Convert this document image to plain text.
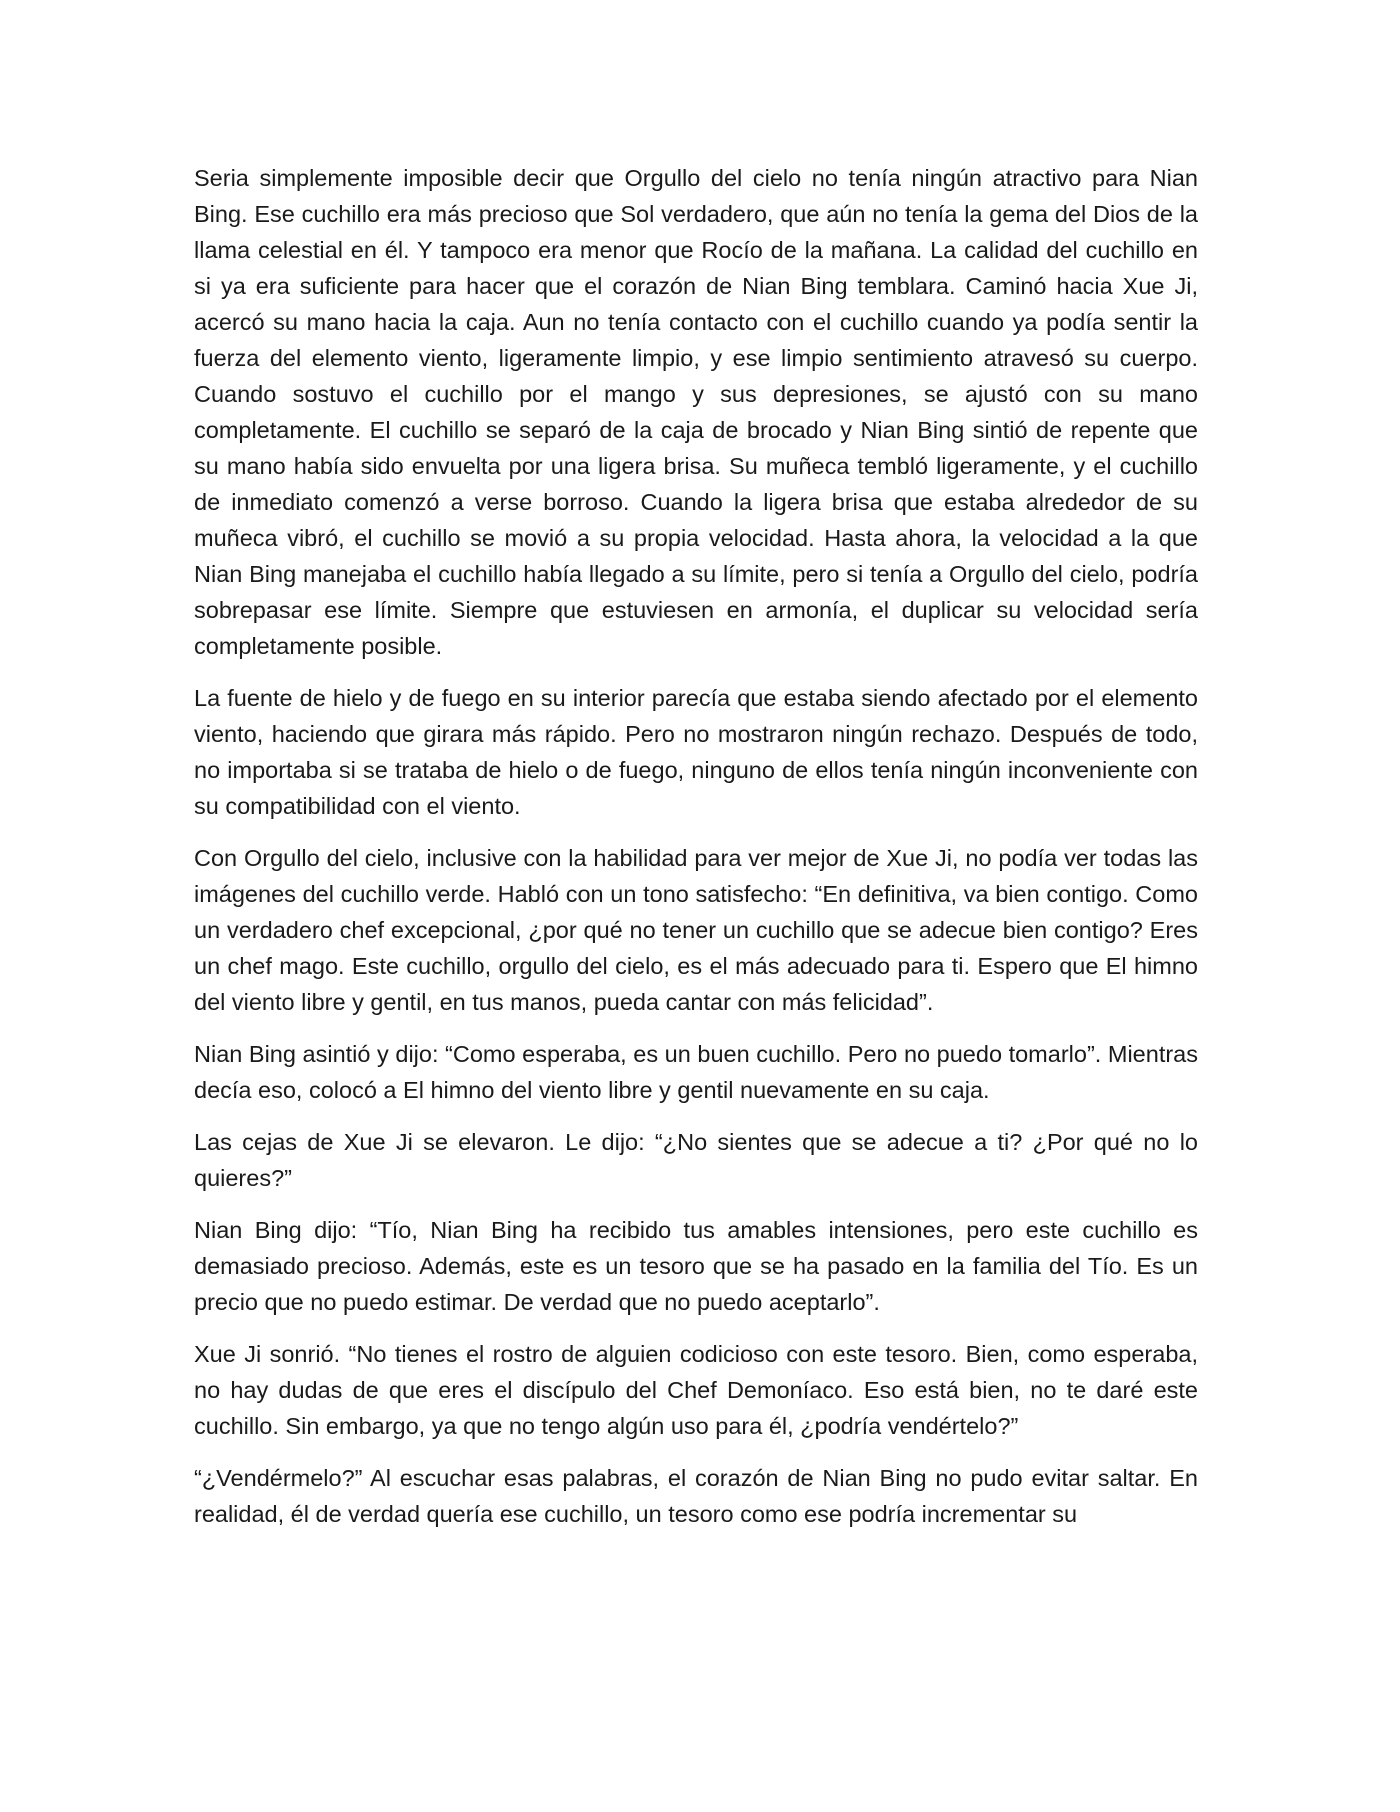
Seria simplemente imposible decir que Orgullo del cielo no tenía ningún atractivo para Nian Bing. Ese cuchillo era más precioso que Sol verdadero, que aún no tenía la gema del Dios de la llama celestial en él. Y tampoco era menor que Rocío de la mañana. La calidad del cuchillo en si ya era suficiente para hacer que el corazón de Nian Bing temblara. Caminó hacia Xue Ji, acercó su mano hacia la caja. Aun no tenía contacto con el cuchillo cuando ya podía sentir la fuerza del elemento viento, ligeramente limpio, y ese limpio sentimiento atravesó su cuerpo. Cuando sostuvo el cuchillo por el mango y sus depresiones, se ajustó con su mano completamente. El cuchillo se separó de la caja de brocado y Nian Bing sintió de repente que su mano había sido envuelta por una ligera brisa. Su muñeca tembló ligeramente, y el cuchillo de inmediato comenzó a verse borroso. Cuando la ligera brisa que estaba alrededor de su muñeca vibró, el cuchillo se movió a su propia velocidad. Hasta ahora, la velocidad a la que Nian Bing manejaba el cuchillo había llegado a su límite, pero si tenía a Orgullo del cielo, podría sobrepasar ese límite. Siempre que estuviesen en armonía, el duplicar su velocidad sería completamente posible.

La fuente de hielo y de fuego en su interior parecía que estaba siendo afectado por el elemento viento, haciendo que girara más rápido. Pero no mostraron ningún rechazo. Después de todo, no importaba si se trataba de hielo o de fuego, ninguno de ellos tenía ningún inconveniente con su compatibilidad con el viento.

Con Orgullo del cielo, inclusive con la habilidad para ver mejor de Xue Ji, no podía ver todas las imágenes del cuchillo verde. Habló con un tono satisfecho: “En definitiva, va bien contigo. Como un verdadero chef excepcional, ¿por qué no tener un cuchillo que se adecue bien contigo? Eres un chef mago. Este cuchillo, orgullo del cielo, es el más adecuado para ti. Espero que El himno del viento libre y gentil, en tus manos, pueda cantar con más felicidad”.

Nian Bing asintió y dijo: “Como esperaba, es un buen cuchillo. Pero no puedo tomarlo”. Mientras decía eso, colocó a El himno del viento libre y gentil nuevamente en su caja.

Las cejas de Xue Ji se elevaron. Le dijo: “¿No sientes que se adecue a ti? ¿Por qué no lo quieres?”

Nian Bing dijo: “Tío, Nian Bing ha recibido tus amables intensiones, pero este cuchillo es demasiado precioso. Además, este es un tesoro que se ha pasado en la familia del Tío. Es un precio que no puedo estimar. De verdad que no puedo aceptarlo”.

Xue Ji sonrió. “No tienes el rostro de alguien codicioso con este tesoro. Bien, como esperaba, no hay dudas de que eres el discípulo del Chef Demoníaco. Eso está bien, no te daré este cuchillo. Sin embargo, ya que no tengo algún uso para él, ¿podría vendértelo?”

“¿Vendérmelo?” Al escuchar esas palabras, el corazón de Nian Bing no pudo evitar saltar. En realidad, él de verdad quería ese cuchillo, un tesoro como ese podría incrementar su
